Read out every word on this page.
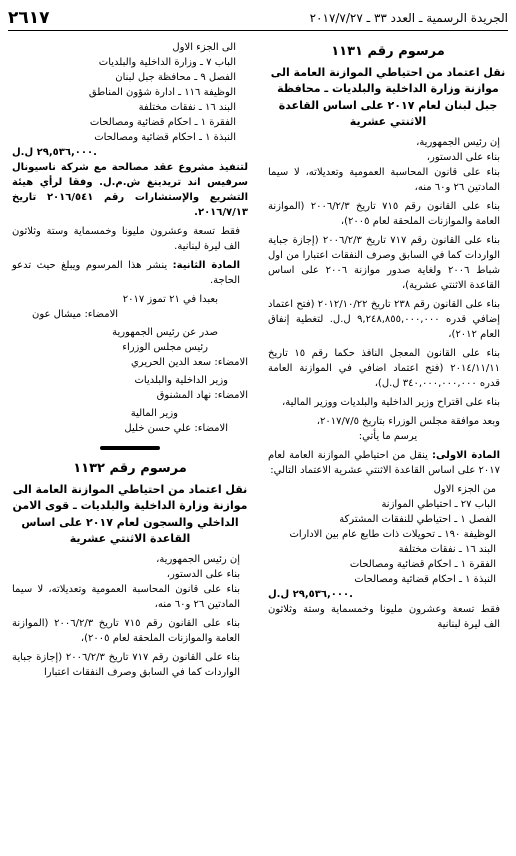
الجريدة الرسمية ـ العدد ٣٣ ـ ٢٠١٧/٧/٢٧
٢٦١٧
مرسوم رقم ١١٣١
نقل اعتماد من احتياطي الموازنة العامة الى موازنة وزارة الداخلية والبلديات ـ محافظة جبل لبنان لعام ٢٠١٧ على اساس القاعدة الاثنتي عشرية

إن رئيس الجمهورية،

بناء على الدستور،

بناء على قانون المحاسبة العمومية وتعديلاته، لا سيما المادتين ٢٦ و٦٠ منه،

بناء على القانون رقم ٧١٥ تاريخ ٢٠٠٦/٢/٣ (الموازنة العامة والموازنات الملحقة لعام ٢٠٠٥)،

بناء على القانون رقم ٧١٧ تاريخ ٢٠٠٦/٢/٣ (إجازة جباية الواردات كما في السابق وصرف النفقات اعتبارا من اول شباط ٢٠٠٦ ولغاية صدور موازنة ٢٠٠٦ على اساس القاعدة الاثنتي عشرية)،

بناء على القانون رقم ٢٣٨ تاريخ ٢٠١٢/١٠/٢٢ (فتح اعتماد إضافي قدره ٩,٢٤٨,٨٥٥,٠٠٠,٠٠٠ ل.ل. لتغطية إنفاق العام ٢٠١٢)،

بناء على القانون المعجل النافذ حكما رقم ١٥ تاريخ ٢٠١٤/١١/١١ (فتح اعتماد اضافي في الموازنة العامة قدره ٣٤٠,٠٠٠,٠٠٠,٠٠٠ ل.ل)،

بناء على اقتراح وزير الداخلية والبلديات ووزير المالية،

وبعد موافقة مجلس الوزراء بتاريخ ٢٠١٧/٧/٥،

يرسم ما يأتي:

المادة الاولى: ينقل من احتياطي الموازنة العامة لعام ٢٠١٧ على اساس القاعدة الاثنتي عشرية الاعتماد التالي:

من الجزء الاول

الباب ٢٧ ـ احتياطي الموازنة

الفصل ١ ـ احتياطي للنفقات المشتركة

الوظيفة ١٩٠ ـ تحويلات ذات طابع عام بين الادارات

البند ١٦ ـ نفقات مختلفة

الفقرة ١ ـ احكام قضائية ومصالحات

النبذة ١ ـ احكام قضائية ومصالحات

٢٩,٥٣٦,٠٠٠ ل.ل.

فقط تسعة وعشرون مليونا وخمسماية وستة وثلاثون الف ليرة لبنانية

الى الجزء الاول

الباب ٧ ـ وزارة الداخلية والبلديات

الفصل ٩ ـ محافظة جبل لبنان

الوظيفة ١١٦ ـ ادارة شؤون المناطق

البند ١٦ ـ نفقات مختلفة

الفقرة ١ ـ احكام قضائية ومصالحات

النبذة ١ ـ احكام قضائية ومصالحات

٢٩,٥٣٦,٠٠٠ ل.ل.

لتنفيذ مشروع عقد مصالحة مع شركة ناسيونال سرفيس اند تريدينغ ش.م.ل. وفقا لرأي هيئة التشريع والإستشارات رقم ٢٠١٦/٥٤١ تاريخ ٢٠١٦/٧/١٣.

فقط تسعة وعشرون مليونا وخمسماية وستة وثلاثون الف ليرة لبنانية.

المادة الثانية: ينشر هذا المرسوم ويبلغ حيث تدعو الحاجة.

بعبدا في ٢١ تموز ٢٠١٧

الامضاء: ميشال عون

صدر عن رئيس الجمهورية

رئيس مجلس الوزراء

الامضاء: سعد الدين الحريري

وزير الداخلية والبلديات

الامضاء: نهاد المشنوق

وزير المالية

الامضاء: علي حسن خليل

مرسوم رقم ١١٣٢
نقل اعتماد من احتياطي الموازنة العامة الى موازنة وزارة الداخلية والبلديات ـ قوى الامن الداخلي والسجون لعام ٢٠١٧ على اساس القاعدة الاثنتي عشرية

إن رئيس الجمهورية،

بناء على الدستور،

بناء على قانون المحاسبة العمومية وتعديلاته، لا سيما المادتين ٢٦ و٦٠ منه،

بناء على القانون رقم ٧١٥ تاريخ ٢٠٠٦/٢/٣ (الموازنة العامة والموازنات الملحقة لعام ٢٠٠٥)،

بناء على القانون رقم ٧١٧ تاريخ ٢٠٠٦/٢/٣ (إجازة جباية الواردات كما في السابق وصرف النفقات اعتبارا
